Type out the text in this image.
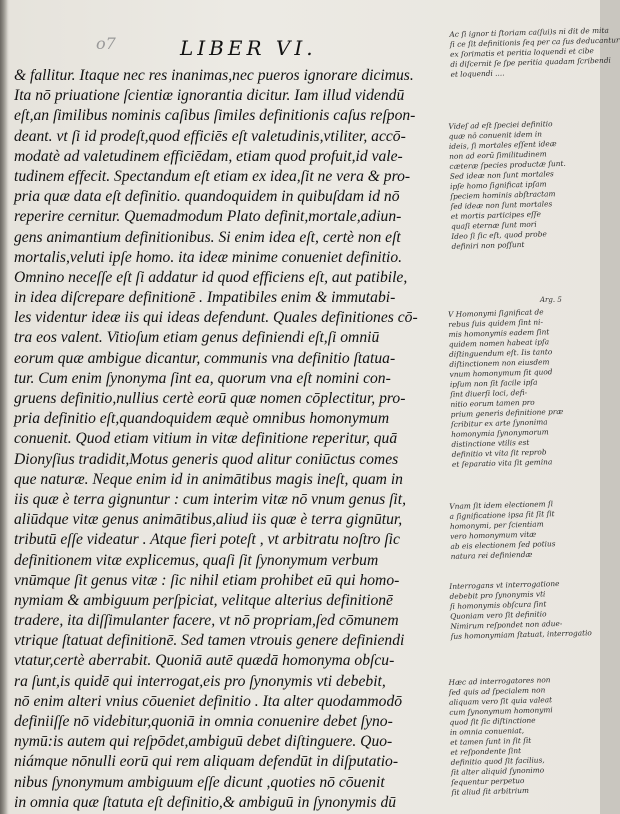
o7	LIBER VI.
& fallitur. Itaque nec res inanimas,nec pueros ignorare dicimus.
Ita nō priuatione ſcientiæ ignorantia dicitur. Iam illud videndū
eſt,an ſimilibus nominis caſibus ſimiles definitionis caſus reſpon-
deant. vt ſi id prodeſt,quod efficiēs eſt valetudinis,vtiliter, accō-
modatè ad valetudinem efficiēdam, etiam quod profuit,id vale-
tudinem effecit. Spectandum eſt etiam ex idea,ſit ne vera & pro-
pria quæ data eſt definitio. quandoquidem in quibuſdam id nō
reperire cernitur. Quemadmodum Plato definit,mortale,adiun-
gens animantium definitionibus. Si enim idea eſt, certè non eſt
mortalis,veluti ipſe homo. ita ideæ minime conueniet definitio.
Omnino neceſſe eſt ſi addatur id quod efficiens eſt, aut patibile,
in idea diſcrepare definitionē . Impatibiles enim & immutabi-
les videntur ideæ iis qui ideas defendunt. Quales definitiones cō-
tra eos valent. Vitioſum etiam genus definiendi eſt,ſi omniū
eorum quæ ambigue dicantur, communis vna definitio ſtatua-
tur. Cum enim ſynonyma ſint ea, quorum vna eſt nomini con-
gruens definitio,nullius certè eorū quæ nomen cōplectitur, pro-
pria definitio eſt,quandoquidem æquè omnibus homonymum
conuenit. Quod etiam vitium in vitæ definitione reperitur, quā
Dionyſius tradidit,Motus generis quod alitur coniūctus comes
que naturæ. Neque enim id in animātibus magis ineſt, quam in
iis quæ è terra gignuntur : cum interim vitæ nō vnum genus ſit,
aliūdque vitæ genus animātibus,aliud iis quæ è terra gignūtur,
tributū eſſe videatur . Atque fieri poteſt , vt arbitratu noſtro ſic
definitionem vitæ explicemus, quaſi ſit ſynonymum verbum
vnūmque ſit genus vitæ : ſic nihil etiam prohibet eū qui homo-
nymiam & ambiguum perſpiciat, velitque alterius definitionē
tradere, ita diſſimulanter facere, vt nō propriam,ſed cōmunem
vtrique ſtatuat definitionē. Sed tamen vtrouis genere definiendi
vtatur,certè aberrabit. Quoniā autē quædā homonyma obſcu-
ra ſunt,is quidē qui interrogat,eis pro ſynonymis vti debebit,
nō enim alteri vnius cōueniet definitio . Ita alter quodammodō
definiiſſe nō videbitur,quoniā in omnia conuenire debet ſyno-
nymū:is autem qui reſpōdet,ambiguū debet diſtinguere. Quo-
niámque nōnulli eorū qui rem aliquam defendūt in diſputatio-
nibus ſynonymum ambiguum eſſe dicunt ,quoties nō cōuenit
in omnia quæ ſtatuta eſt definitio,& ambiguū in ſynonymis dū
Arg. 5
Ac ſi ignor ti ſtoriam ca(ſui)s ni dit de mita
ſi ce ſit definitionis ſeq per ca ſus deducantur
ex ſorimatis et peritia loquendi et cibe
di diſcernit ſe ſpe peritia quadam ſcribendi
et loquendi ....
Videſ ad eſt ſpeciei definitio
quæ nō conuenit idem in
ideis, ſi mortales eſſent ideæ
non ad eorū ſimilitudinem
cæteræ ſpecies productæ ſunt.
Sed ideæ non ſunt mortales
ipſe homo ſignificat ipſam
ſpeciem hominis abſtractam
ſed ideæ non ſunt mortales
et mortis participes eſſe
quaſi eternæ ſunt mori
Ideo ſi ſic eſt, quod probe
definiri non poſſunt
V Homonymi ſignificat de
rebus ſuis quidem ſint ni-
mis homonymis eadem ſint
quidem nomen habeat ipſa
diſtinguendum eſt. Iis tanto
diſtinctionem non eiusdem
vnum homonymum ſit quod
ipſum non ſit facile ipſa
ſint diuerſi loci, defi-
nitio eorum tamen pro
prium generis definitione præ
ſcribitur ex arte ſynonima
homonymia ſynonymorum
distinctione vtilis est
definitio vt vita ſit reprob
et ſeparatio vita ſit gemina
Vnam ſit idem electionem ſi
a ſignificatione ipsa ſit ſit ſit
homonymi, per ſcientiam
vero homonymum vitæ
ab eis electionem ſed potius
natura rei definiendæ
Interrogans vt interrogatione
debebit pro ſynonymis vti
ſi homonymis obſcura ſint
Quoniam vero ſit definitio
Nimirum reſpondet non adue-
ſus homonymiam ſtatuat, interrogatio
Hæc ad interrogatores non
ſed quis ad ſpecialem non
aliquam vero ſit quia valeat
cum ſynonymum homonymi
quod ſit ſic diſtinctione
in omnia conueniat,
et tamen ſunt in ſit ſit
et reſpondente ſint
definitio quod ſit facilius,
ſit alter aliquid ſynonimo
ſequentur perpetuo
ſit aliud ſit arbitrium
